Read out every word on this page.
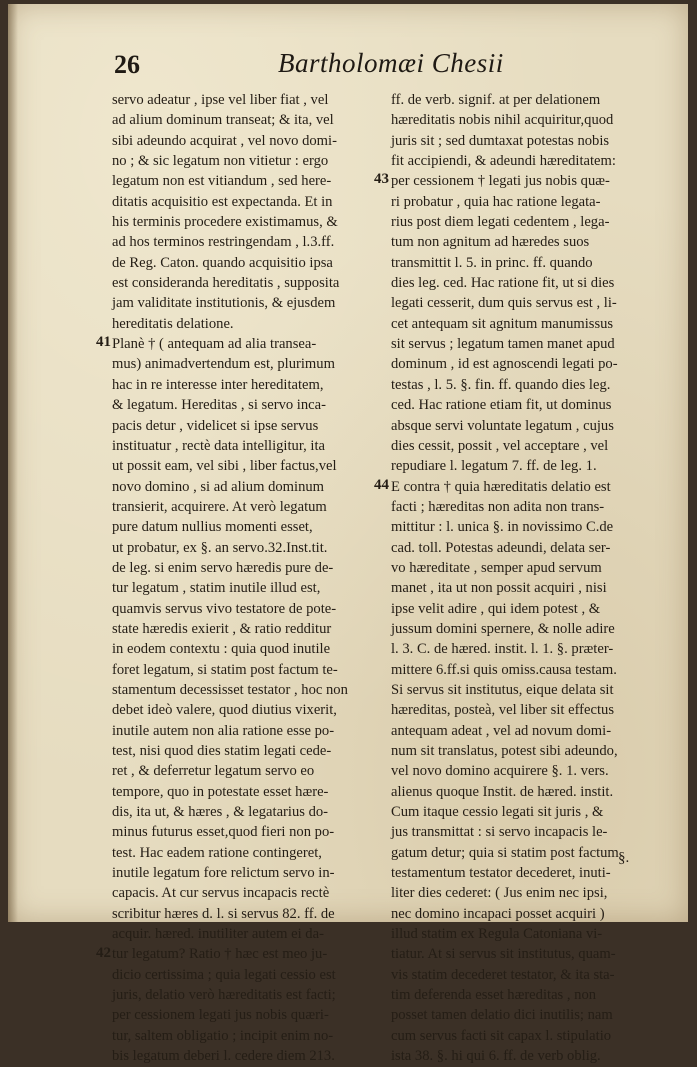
26	Bartholomæi Chesii
servo adeatur , ipse vel liber fiat , vel
ad alium dominum transeat; & ita, vel
sibi adeundo acquirat , vel novo domi-
no ; & sic legatum non vitietur : ergo
legatum non est vitiandum , sed here-
ditatis acquisitio est expectanda. Et in
his terminis procedere existimamus, &
ad hos terminos restringendam , l.3.ff.
de Reg. Caton. quando acquisitio ipsa
est consideranda hereditatis , supposita
jam validitate institutionis, & ejusdem
hereditatis delatione.
Planè † ( antequam ad alia transea-
mus) animadvertendum est, plurimum
hac in re interesse inter hereditatem,
& legatum. Hereditas , si servo inca-
pacis detur , videlicet si ipse servus
instituatur , rectè data intelligitur, ita
ut possit eam, vel sibi , liber factus,vel
novo domino , si ad alium dominum
transierit, acquirere. At verò legatum
pure datum nullius momenti esset,
ut probatur, ex §. an servo.32.Inst.tit.
de leg. si enim servo hæredis pure de-
tur legatum , statim inutile illud est,
quamvis servus vivo testatore de pote-
state hæredis exierit , & ratio redditur
in eodem contextu : quia quod inutile
foret legatum, si statim post factum te-
stamentum decessisset testator , hoc non
debet ideò valere, quod diutius vixerit,
inutile autem non alia ratione esse po-
test, nisi quod dies statim legati cede-
ret , & deferretur legatum servo eo
tempore, quo in potestate esset hære-
dis, ita ut, & hæres , & legatarius do-
minus futurus esset,quod fieri non po-
test. Hac eadem ratione contingeret,
inutile legatum fore relictum servo in-
capacis. At cur servus incapacis rectè
scribitur hæres d. l. si servus 82. ff. de
acquir. hæred. inutiliter autem ei da-
tur legatum? Ratio † hæc est meo ju-
dicio certissima ; quia legati cessio est
juris, delatio verò hæreditatis est facti;
per cessionem legati jus nobis quæri-
tur, saltem obligatio ; incipit enim no-
bis legatum deberi l. cedere diem 213.
ff. de verb. signif. at per delationem
hæreditatis nobis nihil acquiritur,quod
juris sit ; sed dumtaxat potestas nobis
fit accipiendi, & adeundi hæreditatem:
per cessionem † legati jus nobis quæ-
ri probatur , quia hac ratione legata-
rius post diem legati cedentem , lega-
tum non agnitum ad hæredes suos
transmittit l. 5. in princ. ff. quando
dies leg. ced. Hac ratione fit, ut si dies
legati cesserit, dum quis servus est , li-
cet antequam sit agnitum manumissus
sit servus ; legatum tamen manet apud
dominum , id est agnoscendi legati po-
testas , l. 5. §. fin. ff. quando dies leg.
ced. Hac ratione etiam fit, ut dominus
absque servi voluntate legatum , cujus
dies cessit, possit , vel acceptare , vel
repudiare l. legatum 7. ff. de leg. 1.
E contra † quia hæreditatis delatio est
facti ; hæreditas non adita non trans-
mittitur : l. unica §. in novissimo C.de
cad. toll. Potestas adeundi, delata ser-
vo hæreditate , semper apud servum
manet , ita ut non possit acquiri , nisi
ipse velit adire , qui idem potest , &
jussum domini spernere, & nolle adire
l. 3. C. de hæred. instit. l. 1. §. præter-
mittere 6.ff.si quis omiss.causa testam.
Si servus sit institutus, eique delata sit
hæreditas, posteà, vel liber sit effectus
antequam adeat , vel ad novum domi-
num sit translatus, potest sibi adeundo,
vel novo domino acquirere §. 1. vers.
alienus quoque Instit. de hæred. instit.
Cum itaque cessio legati sit juris , &
jus transmittat : si servo incapacis le-
gatum detur; quia si statim post factum
testamentum testator decederet, inuti-
liter dies cederet: ( Jus enim nec ipsi,
nec domino incapaci posset acquiri )
illud statim ex Regula Catoniana vi-
tiatur. At si servus sit institutus, quam-
vis statim decederet testator, & ita sta-
tim deferenda esset hæreditas , non
posset tamen delatio dici inutilis; nam
cum servus facti sit capax l. stipulatio
ista 38. §. hi qui 6. ff. de verb oblig.
41
42
43
44
§.
